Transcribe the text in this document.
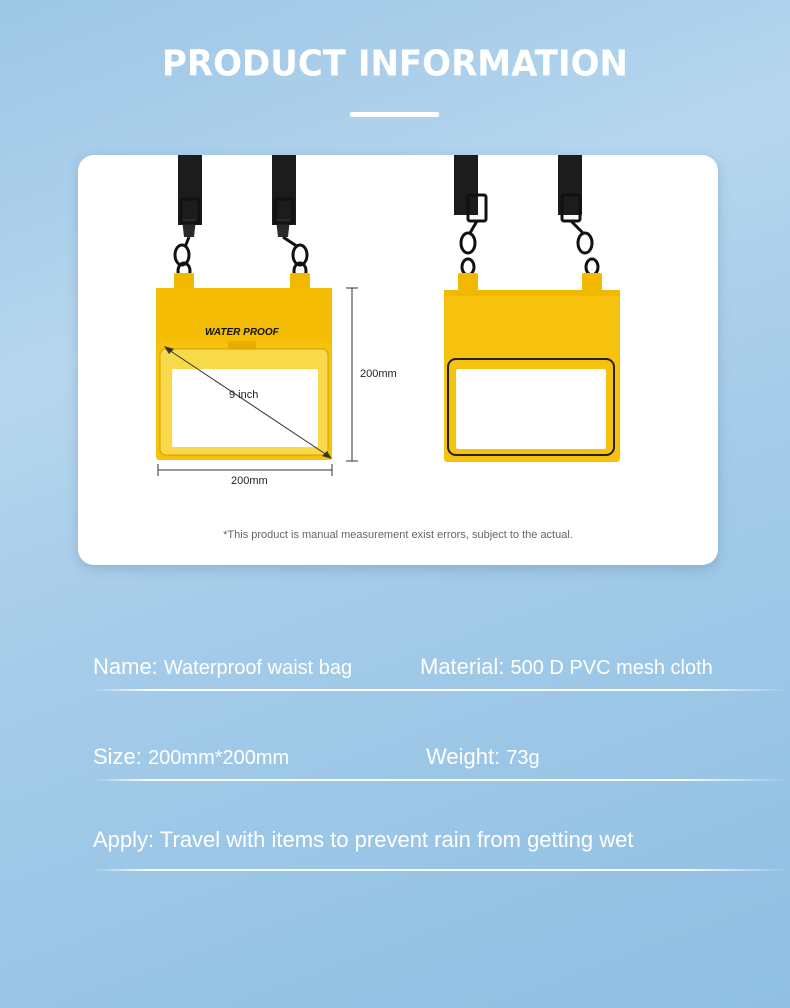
PRODUCT INFORMATION
WATER PROOF
9 inch
200mm
200mm
*This product is manual measurement exist errors, subject to the actual.
Name: Waterproof waist bag	Material: 500 D PVC mesh cloth
Size: 200mm*200mm	Weight: 73g
Apply: Travel with items to prevent rain from getting wet
